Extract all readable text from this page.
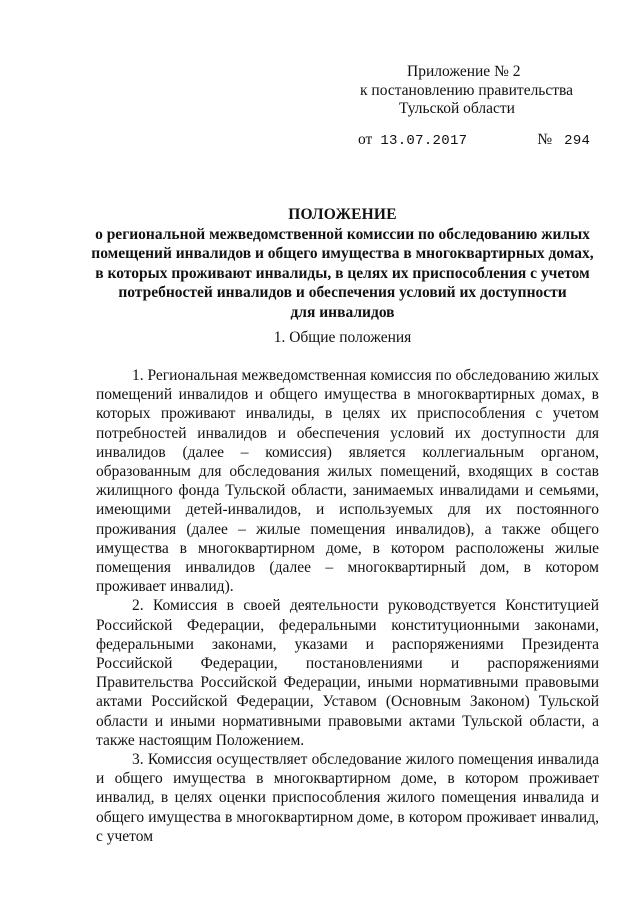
Приложение № 2
к постановлению правительства
Тульской области
от 13.07.2017	№ 294
ПОЛОЖЕНИЕ
о региональной межведомственной комиссии по обследованию жилых
помещений инвалидов и общего имущества в многоквартирных домах,
в которых проживают инвалиды, в целях их приспособления с учетом
потребностей инвалидов и обеспечения условий их доступности
для инвалидов
1. Общие положения

1. Региональная межведомственная комиссия по обследованию жилых помещений инвалидов и общего имущества в многоквартирных домах, в которых проживают инвалиды, в целях их приспособления с учетом потребностей инвалидов и обеспечения условий их доступности для инвалидов (далее – комиссия) является коллегиальным органом, образованным для обследования жилых помещений, входящих в состав жилищного фонда Тульской области, занимаемых инвалидами и семьями, имеющими детей-инвалидов, и используемых для их постоянного проживания (далее – жилые помещения инвалидов), а также общего имущества в многоквартирном доме, в котором расположены жилые помещения инвалидов (далее – многоквартирный дом, в котором проживает инвалид).

2. Комиссия в своей деятельности руководствуется Конституцией Российской Федерации, федеральными конституционными законами, федеральными законами, указами и распоряжениями Президента Российской Федерации, постановлениями и распоряжениями Правительства Российской Федерации, иными нормативными правовыми актами Российской Федерации, Уставом (Основным Законом) Тульской области и иными нормативными правовыми актами Тульской области, а также настоящим Положением.

3. Комиссия осуществляет обследование жилого помещения инвалида и общего имущества в многоквартирном доме, в котором проживает инвалид, в целях оценки приспособления жилого помещения инвалида и общего имущества в многоквартирном доме, в котором проживает инвалид, с учетом
